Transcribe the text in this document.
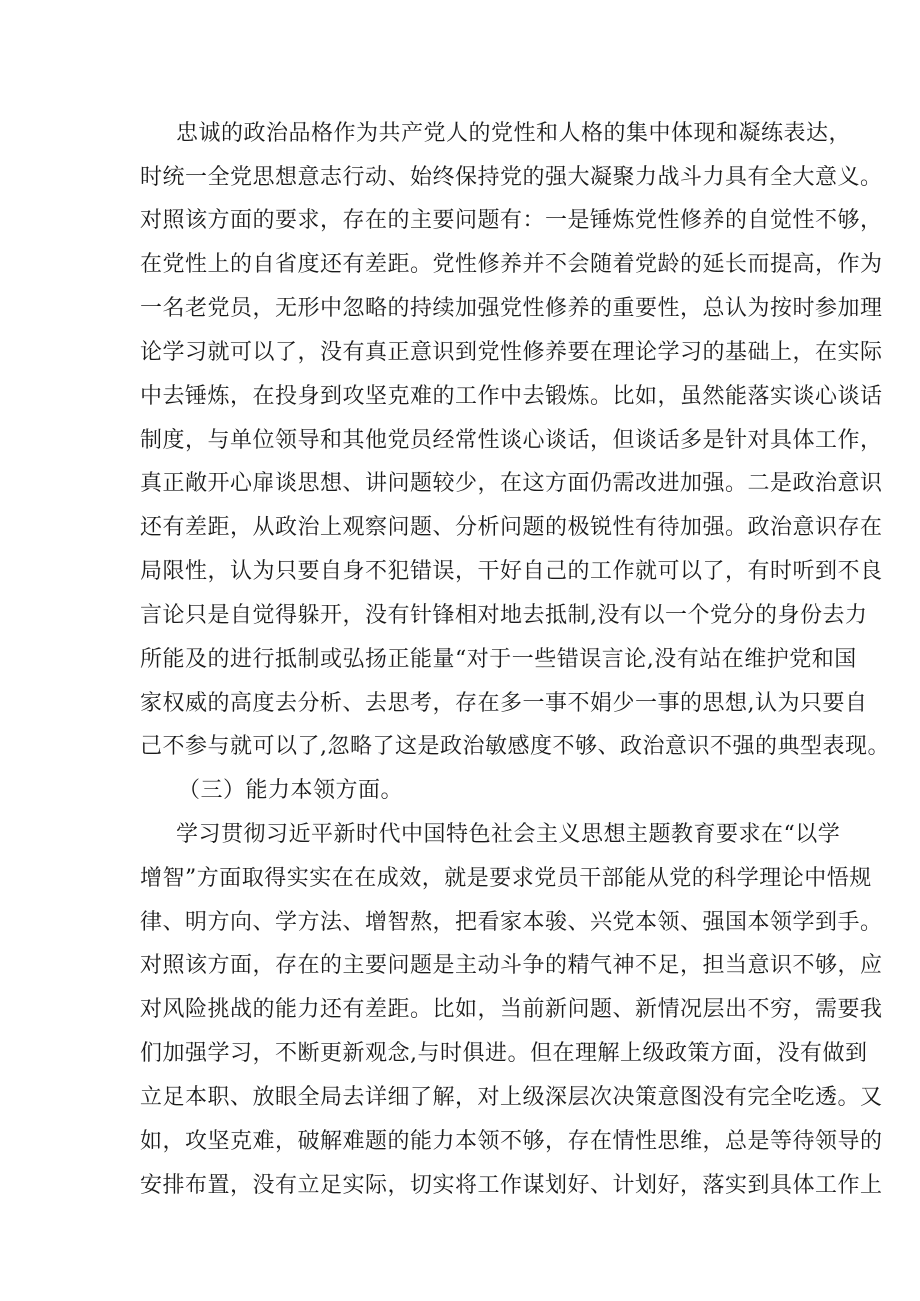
忠诚的政治品格作为共产党人的党性和人格的集中体现和凝练表达，
时统一全党思想意志行动、始终保持党的强大凝聚力战斗力具有全大意义。
对照该方面的要求，存在的主要问题有：一是锤炼党性修养的自觉性不够，
在党性上的自省度还有差距。党性修养并不会随着党龄的延长而提高，作为
一名老党员，无形中忽略的持续加强党性修养的重要性，总认为按时参加理
论学习就可以了，没有真正意识到党性修养要在理论学习的基础上，在实际
中去锤炼，在投身到攻坚克难的工作中去锻炼。比如，虽然能落实谈心谈话
制度，与单位领导和其他党员经常性谈心谈话，但谈话多是针对具体工作，
真正敞开心扉谈思想、讲问题较少，在这方面仍需改进加强。二是政治意识
还有差距，从政治上观察问题、分析问题的极锐性有待加强。政治意识存在
局限性，认为只要自身不犯错误，干好自己的工作就可以了，有时听到不良
言论只是自觉得躲开，没有针锋相对地去抵制,没有以一个党分的身份去力
所能及的进行抵制或弘扬正能量“对于一些错误言论,没有站在维护党和国
家权威的高度去分析、去思考，存在多一事不娟少一事的思想,认为只要自
己不参与就可以了,忽略了这是政治敏感度不够、政治意识不强的典型表现。
（三）能力本领方面。
学习贯彻习近平新时代中国特色社会主义思想主题教育要求在“以学
增智”方面取得实实在在成效，就是要求党员干部能从党的科学理论中悟规
律、明方向、学方法、增智熬，把看家本骏、兴党本领、强国本领学到手。
对照该方面，存在的主要问题是主动斗争的精气神不足，担当意识不够，应
对风险挑战的能力还有差距。比如，当前新问题、新情况层出不穷，需要我
们加强学习，不断更新观念,与时俱进。但在理解上级政策方面，没有做到
立足本职、放眼全局去详细了解，对上级深层次决策意图没有完全吃透。又
如，攻坚克难，破解难题的能力本领不够，存在情性思维，总是等待领导的
安排布置，没有立足实际，切实将工作谋划好、计划好，落实到具体工作上
